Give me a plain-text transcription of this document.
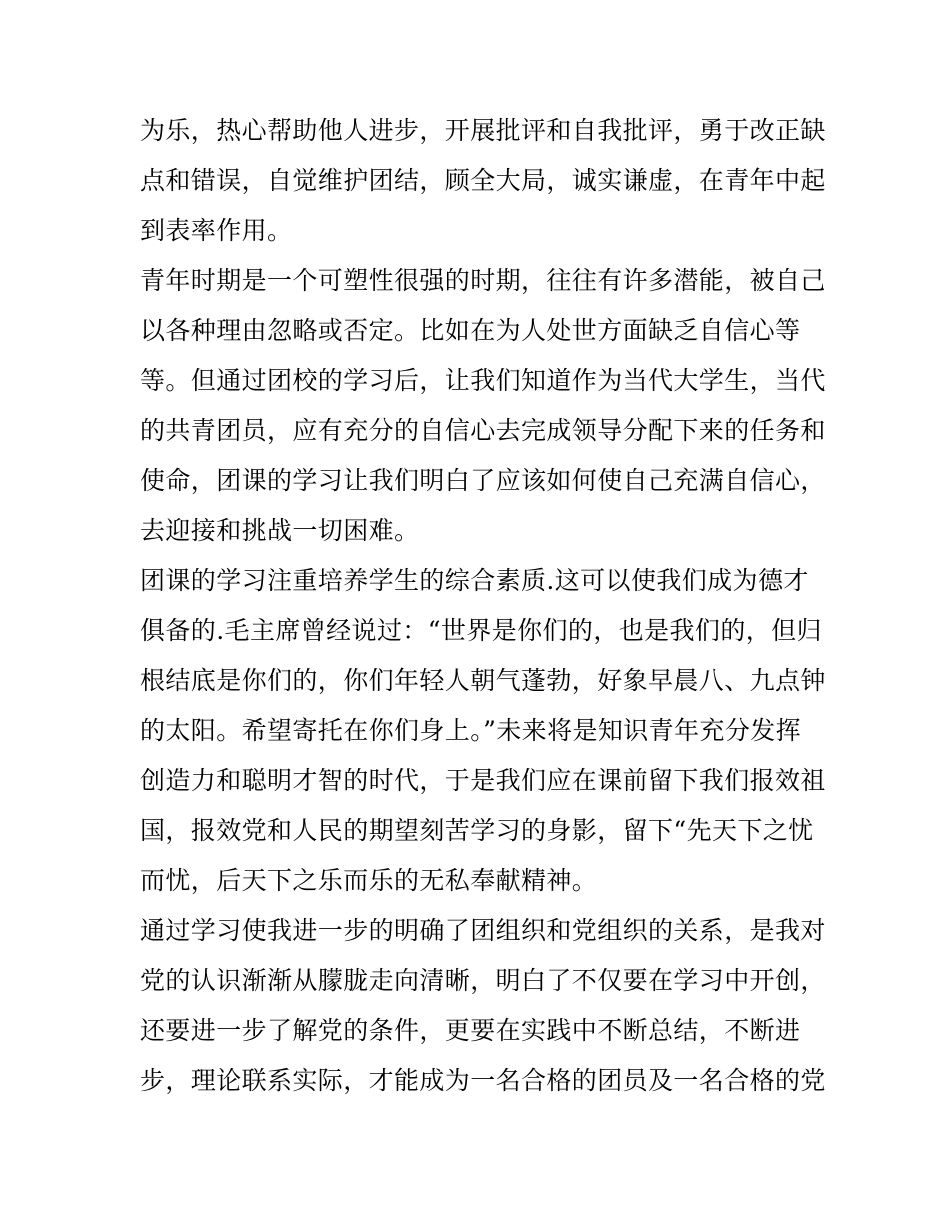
为乐，热心帮助他人进步，开展批评和自我批评，勇于改正缺
点和错误，自觉维护团结，顾全大局，诚实谦虚，在青年中起
到表率作用。
青年时期是一个可塑性很强的时期，往往有许多潜能，被自己
以各种理由忽略或否定。比如在为人处世方面缺乏自信心等
等。但通过团校的学习后，让我们知道作为当代大学生，当代
的共青团员，应有充分的自信心去完成领导分配下来的任务和
使命，团课的学习让我们明白了应该如何使自己充满自信心，
去迎接和挑战一切困难。
团课的学习注重培养学生的综合素质.这可以使我们成为德才
俱备的.毛主席曾经说过：“世界是你们的，也是我们的，但归
根结底是你们的，你们年轻人朝气蓬勃，好象早晨八、九点钟
的太阳。希望寄托在你们身上。”未来将是知识青年充分发挥
创造力和聪明才智的时代，于是我们应在课前留下我们报效祖
国，报效党和人民的期望刻苦学习的身影，留下“先天下之忧
而忧，后天下之乐而乐的无私奉献精神。
通过学习使我进一步的明确了团组织和党组织的关系，是我对
党的认识渐渐从朦胧走向清晰，明白了不仅要在学习中开创，
还要进一步了解党的条件，更要在实践中不断总结，不断进
步，理论联系实际，才能成为一名合格的团员及一名合格的党
